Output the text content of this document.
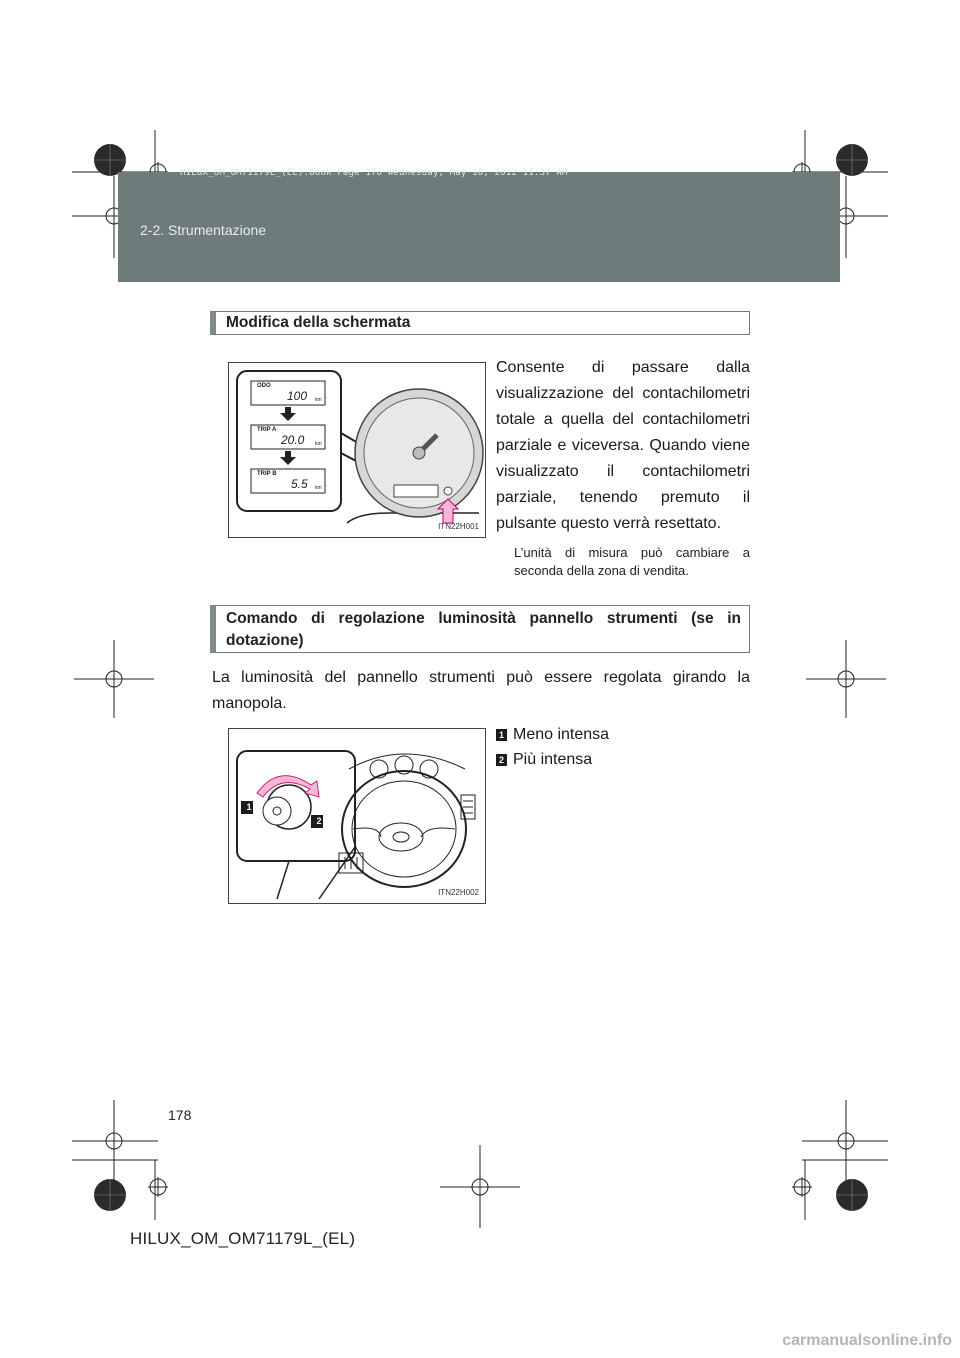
2-2. Strumentazione
HILUX_OM_OM71179L_(EL).book Page 178 Wednesday, May 16, 2012 11:37 AM
Modifica della schermata
ODO
100 km
TRIP A
20.0 km
TRIP B
5.5 km
ITN22H001
Consente di passare dalla visualizzazione del contachilometri totale a quella del contachilometri parziale e viceversa. Quando viene visualizzato il contachilometri parziale, tenendo premuto il pulsante questo verrà resettato.
L’unità di misura può cambiare a seconda della zona di vendita.
Comando di regolazione luminosità pannello strumenti (se in dotazione)
La luminosità del pannello strumenti può essere regolata girando la manopola.
1 Meno intensa
2 Più intensa
1
2
ITN22H002
178
HILUX_OM_OM71179L_(EL)
carmanualsonline.info
